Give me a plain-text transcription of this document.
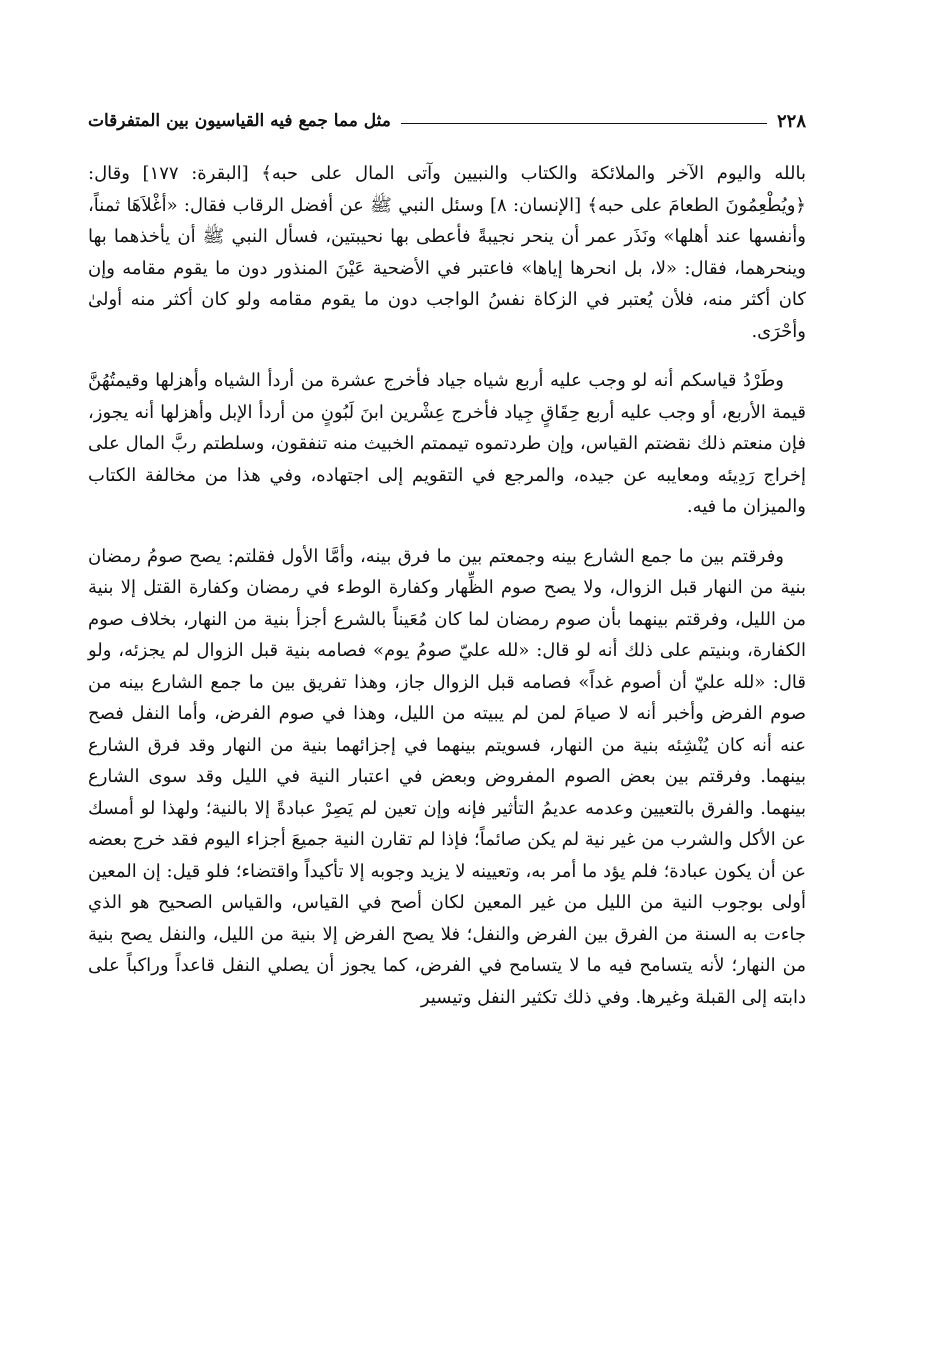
٢٢٨
مثل مما جمع فيه القياسيون بين المتفرقات

بالله واليوم الآخر والملائكة والكتاب والنبيين وآتى المال على حبه﴾ [البقرة: ١٧٧] وقال: ﴿ويُطْعِمُونَ الطعامَ على حبه﴾ [الإنسان: ٨] وسئل النبي ﷺ عن أفضل الرقاب فقال: «أغْلاَهَا ثمناً، وأنفسها عند أهلها» ونَذَر عمر أن ينحر نجيبةً فأعطى بها نحيبتين، فسأل النبي ﷺ أن يأخذهما بها وينحرهما، فقال: «لا، بل انحرها إياها» فاعتبر في الأضحية عَيْنَ المنذور دون ما يقوم مقامه وإن كان أكثر منه، فلأن يُعتبر في الزكاة نفسُ الواجب دون ما يقوم مقامه ولو كان أكثر منه أولىٰ وأحْرَى.

وطَرْدُ قياسكم أنه لو وجب عليه أربع شياه جياد فأخرج عشرة من أردأ الشياه وأهزلها وقيمتُهُنَّ قيمة الأربع، أو وجب عليه أربع حِقَاقٍ جِياد فأخرج عِشْرين ابنَ لَبُونٍ من أردأ الإبل وأهزلها أنه يجوز، فإن منعتم ذلك نقضتم القياس، وإن طردتموه تيممتم الخبيث منه تنفقون، وسلطتم ربَّ المال على إخراج رَدِيئه ومعايبه عن جيده، والمرجع في التقويم إلى اجتهاده، وفي هذا من مخالفة الكتاب والميزان ما فيه.

وفرقتم بين ما جمع الشارع بينه وجمعتم بين ما فرق بينه، وأمَّا الأول فقلتم: يصح صومُ رمضان بنية من النهار قبل الزوال، ولا يصح صوم الظِّهار وكفارة الوطء في رمضان وكفارة القتل إلا بنية من الليل، وفرقتم بينهما بأن صوم رمضان لما كان مُعَيناً بالشرع أجزأ بنية من النهار، بخلاف صوم الكفارة، وبنيتم على ذلك أنه لو قال: «لله عليّ صومُ يوم» فصامه بنية قبل الزوال لم يجزئه، ولو قال: «لله عليّ أن أصوم غداً» فصامه قبل الزوال جاز، وهذا تفريق بين ما جمع الشارع بينه من صوم الفرض وأخبر أنه لا صيامَ لمن لم يبيته من الليل، وهذا في صوم الفرض، وأما النفل فصح عنه أنه كان يُنْشِئه بنية من النهار، فسويتم بينهما في إجزائهما بنية من النهار وقد فرق الشارع بينهما. وفرقتم بين بعض الصوم المفروض وبعض في اعتبار النية في الليل وقد سوى الشارع بينهما. والفرق بالتعيين وعدمه عديمُ التأثير فإنه وإن تعين لم يَصِرْ عبادةً إلا بالنية؛ ولهذا لو أمسك عن الأكل والشرب من غير نية لم يكن صائماً؛ فإذا لم تقارن النية جميعَ أجزاء اليوم فقد خرج بعضه عن أن يكون عبادة؛ فلم يؤد ما أمر به، وتعيينه لا يزيد وجوبه إلا تأكيداً واقتضاء؛ فلو قيل: إن المعين أولى بوجوب النية من الليل من غير المعين لكان أصح في القياس، والقياس الصحيح هو الذي جاءت به السنة من الفرق بين الفرض والنفل؛ فلا يصح الفرض إلا بنية من الليل، والنفل يصح بنية من النهار؛ لأنه يتسامح فيه ما لا يتسامح في الفرض، كما يجوز أن يصلي النفل قاعداً وراكباً على دابته إلى القبلة وغيرها. وفي ذلك تكثير النفل وتيسير
